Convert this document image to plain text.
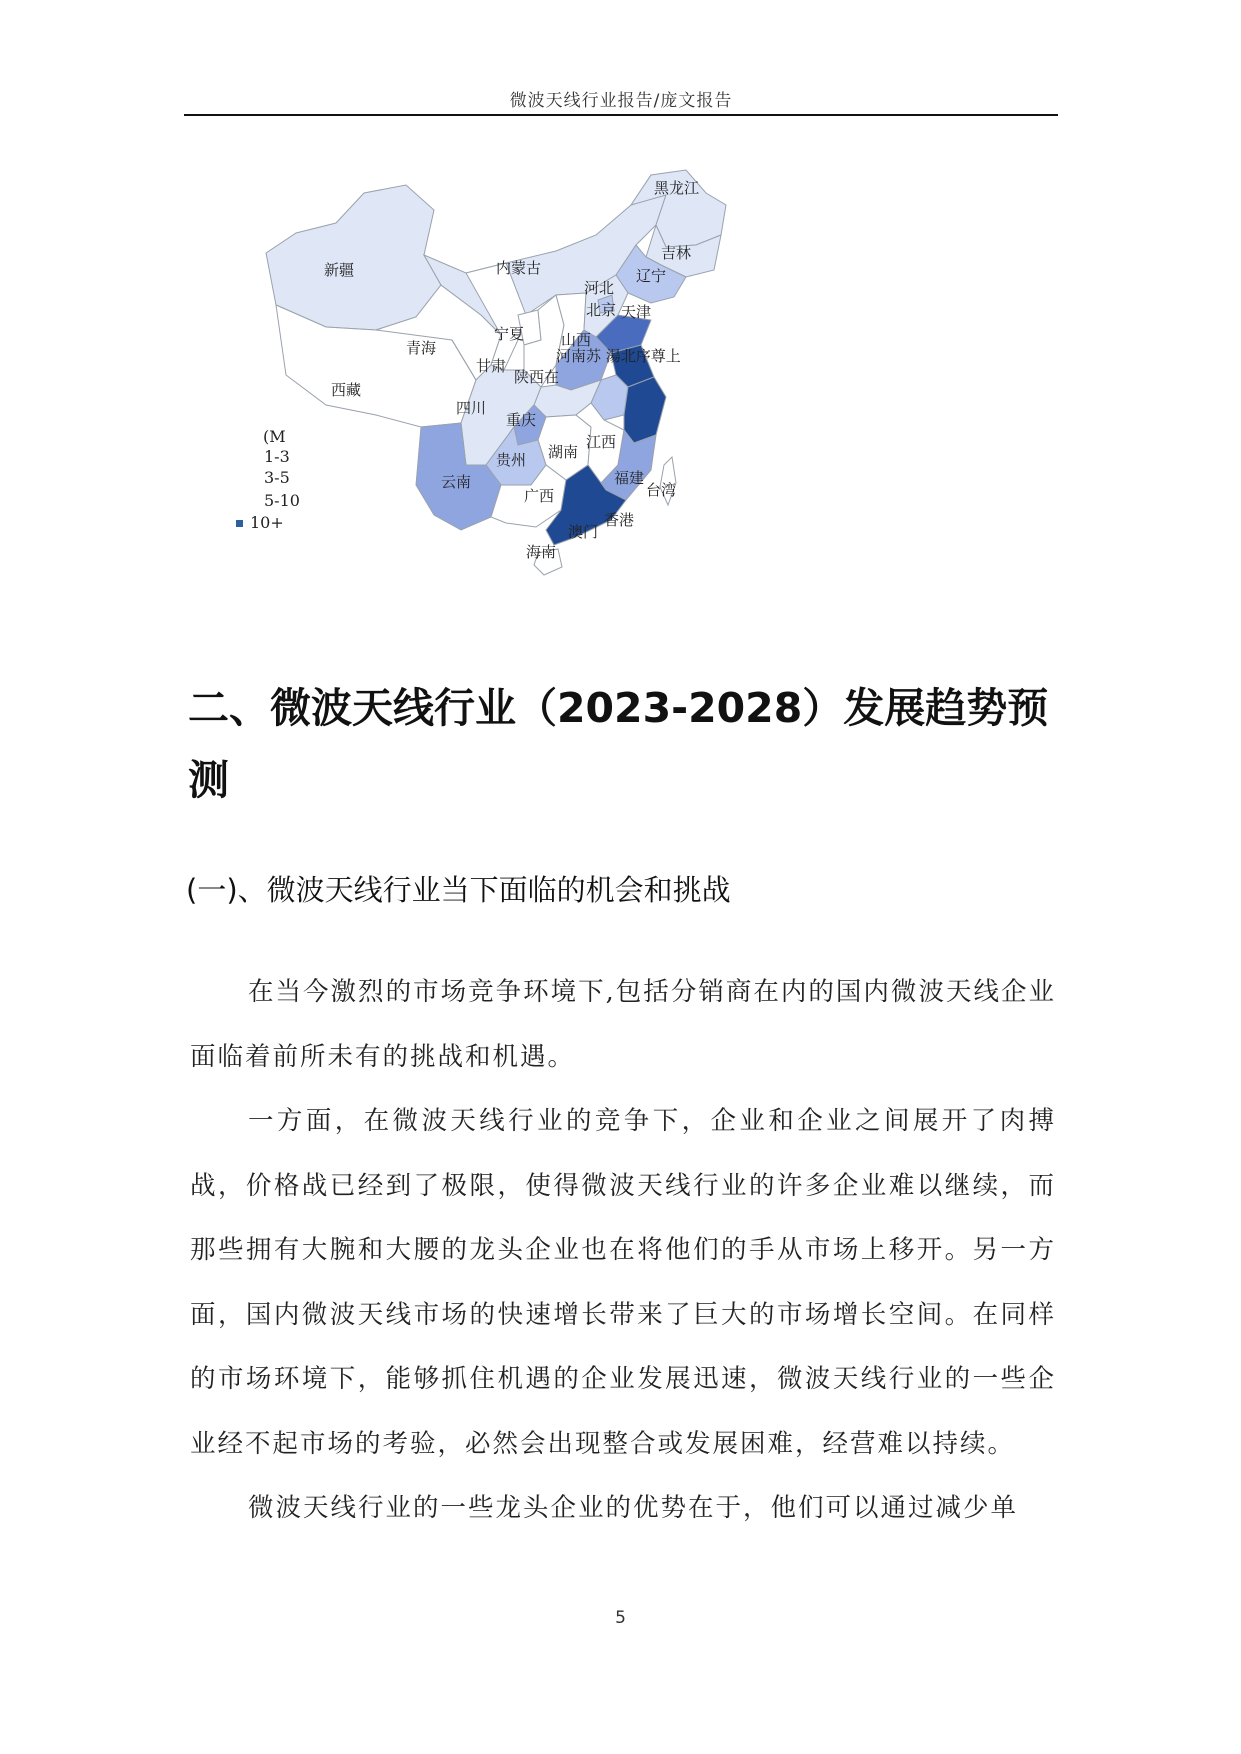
微波天线行业报告/庞文报告
黑龙江
吉林
辽宁
内蒙古
新疆
河北
北京 天津
宁夏 山西
青海
甘肃
河南苏 湯北序尊上
陕西在
西藏
四川
重庆
江西
贵州 湖南
云南	福建
广西	台湾
香港
澳门
海南
(M
1-3
3-5
5-10
10+
二、微波天线行业（2023-2028）发展趋势预测
(一)、微波天线行业当下面临的机会和挑战

在当今激烈的市场竞争环境下,包括分销商在内的国内微波天线企业面临着前所未有的挑战和机遇。

一方面，在微波天线行业的竞争下，企业和企业之间展开了肉搏战，价格战已经到了极限，使得微波天线行业的许多企业难以继续，而那些拥有大腕和大腰的龙头企业也在将他们的手从市场上移开。另一方面，国内微波天线市场的快速增长带来了巨大的市场增长空间。在同样的市场环境下，能够抓住机遇的企业发展迅速，微波天线行业的一些企业经不起市场的考验，必然会出现整合或发展困难，经营难以持续。

微波天线行业的一些龙头企业的优势在于，他们可以通过减少单

5
